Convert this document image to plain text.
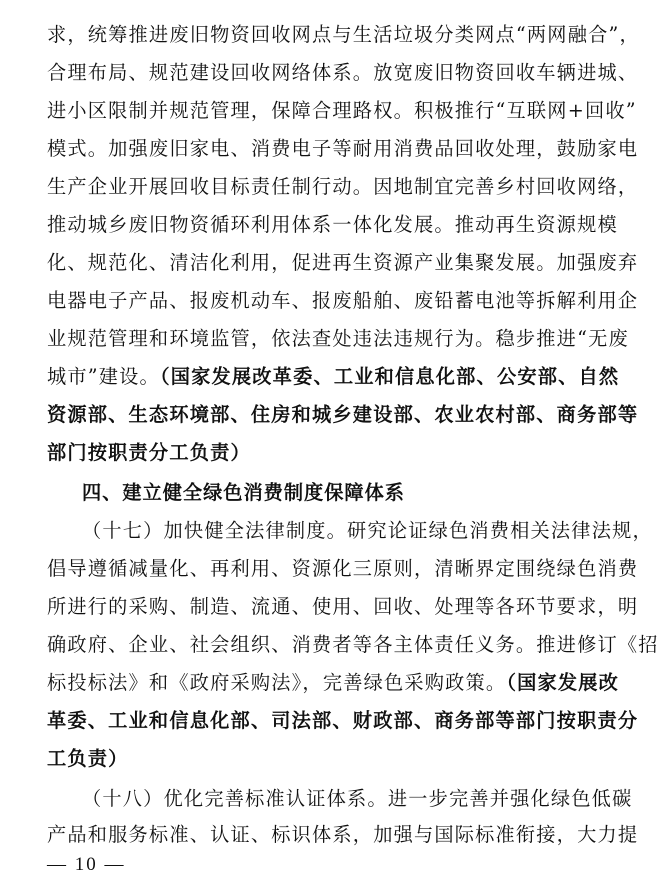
求，统筹推进废旧物资回收网点与生活垃圾分类网点“两网融合”，
合理布局、规范建设回收网络体系。放宽废旧物资回收车辆进城、
进小区限制并规范管理，保障合理路权。积极推行“互联网+回收”
模式。加强废旧家电、消费电子等耐用消费品回收处理，鼓励家电
生产企业开展回收目标责任制行动。因地制宜完善乡村回收网络，
推动城乡废旧物资循环利用体系一体化发展。推动再生资源规模
化、规范化、清洁化利用，促进再生资源产业集聚发展。加强废弃
电器电子产品、报废机动车、报废船舶、废铅蓄电池等拆解利用企
业规范管理和环境监管，依法查处违法违规行为。稳步推进“无废
城市”建设。（国家发展改革委、工业和信息化部、公安部、自然
资源部、生态环境部、住房和城乡建设部、农业农村部、商务部等
部门按职责分工负责）
四、建立健全绿色消费制度保障体系
（十七）加快健全法律制度。研究论证绿色消费相关法律法规，
倡导遵循减量化、再利用、资源化三原则，清晰界定围绕绿色消费
所进行的采购、制造、流通、使用、回收、处理等各环节要求，明
确政府、企业、社会组织、消费者等各主体责任义务。推进修订《招
标投标法》和《政府采购法》，完善绿色采购政策。（国家发展改
革委、工业和信息化部、司法部、财政部、商务部等部门按职责分
工负责）
（十八）优化完善标准认证体系。进一步完善并强化绿色低碳
产品和服务标准、认证、标识体系，加强与国际标准衔接，大力提
— 10 —
